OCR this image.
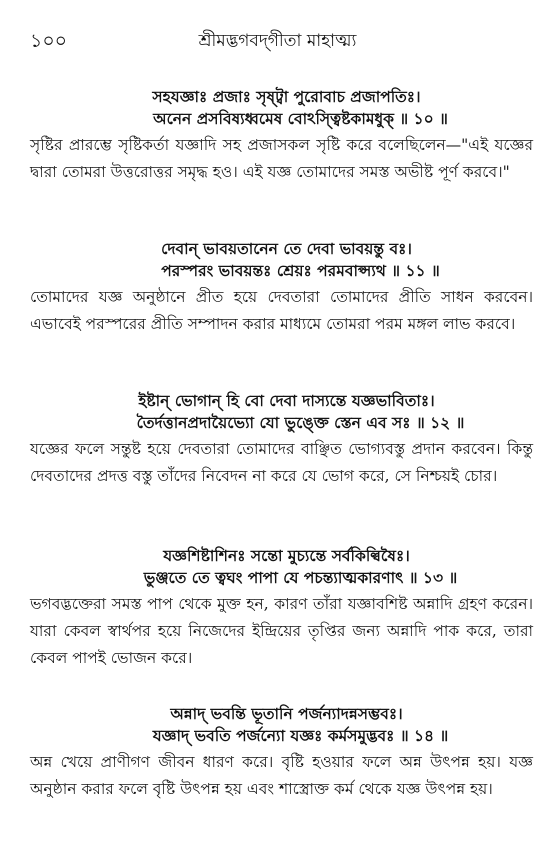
১০০	শ্রীমদ্ভগবদ্‌গীতা মাহাত্ম্য
সহযজ্ঞাঃ প্রজাঃ সৃষ্ট্বা পুরোবাচ প্রজাপতিঃ।
অনেন প্রসবিষ্যধ্বমেষ বোঽস্ত্বিষ্টকামধুক্ ॥ ১০ ॥
সৃষ্টির প্রারম্ভে সৃষ্টিকর্তা যজ্ঞাদি সহ প্রজাসকল সৃষ্টি করে বলেছিলেন—"এই যজ্ঞের দ্বারা তোমরা উত্তরোত্তর সমৃদ্ধ হও। এই যজ্ঞ তোমাদের সমস্ত অভীষ্ট পূর্ণ করবে।"
দেবান্ ভাবয়তানেন তে দেবা ভাবয়ন্তু বঃ।
পরস্পরং ভাবয়ন্তঃ শ্রেয়ঃ পরমবাপ্স্যথ ॥ ১১ ॥
তোমাদের যজ্ঞ অনুষ্ঠানে প্রীত হয়ে দেবতারা তোমাদের প্রীতি সাধন করবেন। এভাবেই পরস্পরের প্রীতি সম্পাদন করার মাধ্যমে তোমরা পরম মঙ্গল লাভ করবে।
ইষ্টান্ ভোগান্ হি বো দেবা দাস্যন্তে যজ্ঞভাবিতাঃ।
তৈর্দত্তানপ্রদায়ৈভ্যো যো ভুঙ্ক্তে স্তেন এব সঃ ॥ ১২ ॥
যজ্ঞের ফলে সন্তুষ্ট হয়ে দেবতারা তোমাদের বাঞ্ছিত ভোগ্যবস্তু প্রদান করবেন। কিন্তু দেবতাদের প্রদত্ত বস্তু তাঁদের নিবেদন না করে যে ভোগ করে, সে নিশ্চয়ই চোর।
যজ্ঞশিষ্টাশিনঃ সন্তো মুচ্যন্তে সর্বকিল্বিষৈঃ।
ভুঞ্জতে তে ত্বঘং পাপা যে পচন্ত্যাত্মকারণাৎ ॥ ১৩ ॥
ভগবদ্ভক্তেরা সমস্ত পাপ থেকে মুক্ত হন, কারণ তাঁরা যজ্ঞাবশিষ্ট অন্নাদি গ্রহণ করেন। যারা কেবল স্বার্থপর হয়ে নিজেদের ইন্দ্রিয়ের তৃপ্তির জন্য অন্নাদি পাক করে, তারা কেবল পাপই ভোজন করে।
অন্নাদ্ ভবন্তি ভূতানি পর্জন্যাদন্নসম্ভবঃ।
যজ্ঞাদ্ ভবতি পর্জন্যো যজ্ঞঃ কর্মসমুদ্ভবঃ ॥ ১৪ ॥
অন্ন খেয়ে প্রাণীগণ জীবন ধারণ করে। বৃষ্টি হওয়ার ফলে অন্ন উৎপন্ন হয়। যজ্ঞ অনুষ্ঠান করার ফলে বৃষ্টি উৎপন্ন হয় এবং শাস্ত্রোক্ত কর্ম থেকে যজ্ঞ উৎপন্ন হয়।
